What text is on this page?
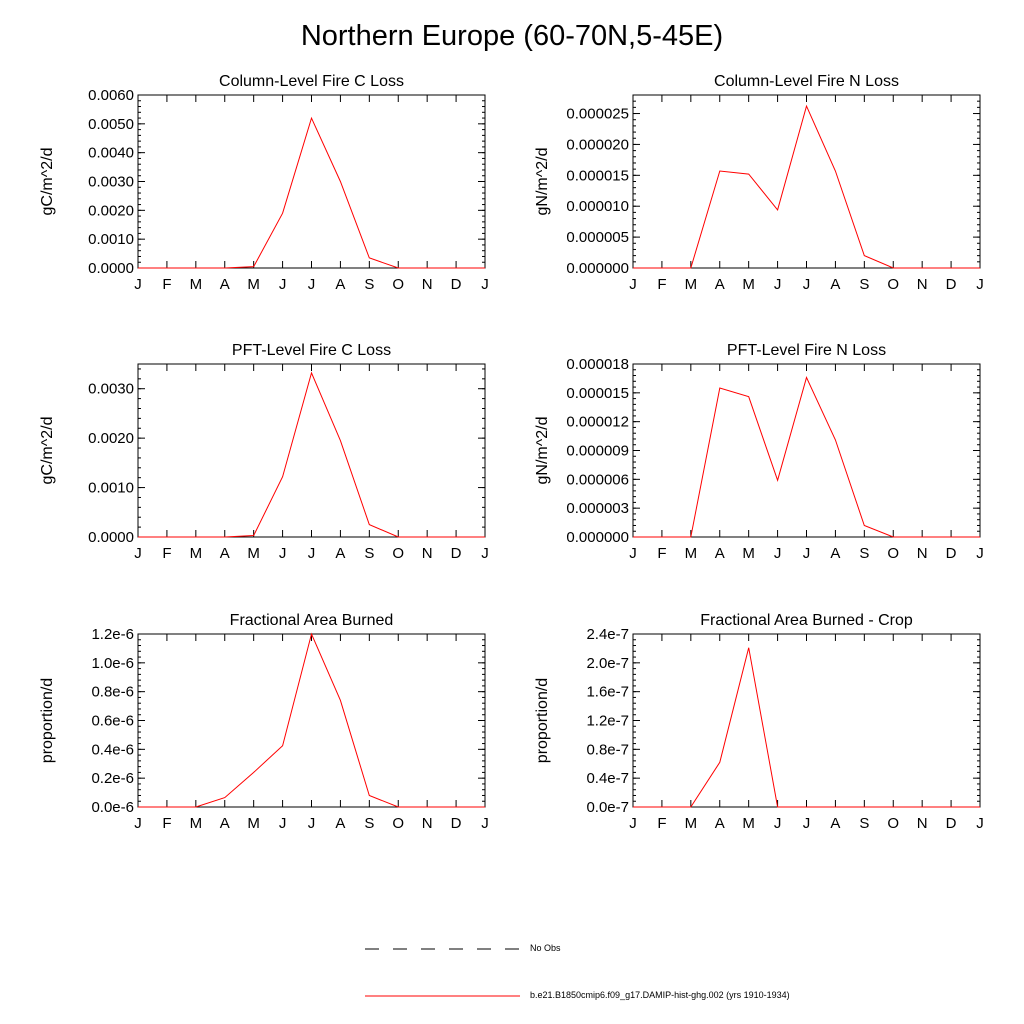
Northern Europe (60-70N,5-45E)
J F M A M J J A S O N D J
0.0000
0.0010
0.0020
0.0030
0.0040
0.0050
0.0060
Column-Level Fire C Loss
gC/m^2/d
J F M A M J J A S O N D J
0.000000
0.000005
0.000010
0.000015
0.000020
0.000025
Column-Level Fire N Loss
gN/m^2/d
J F M A M J J A S O N D J
0.0000
0.0010
0.0020
0.0030
PFT-Level Fire C Loss
gC/m^2/d
J F M A M J J A S O N D J
0.000000
0.000003
0.000006
0.000009
0.000012
0.000015
0.000018
PFT-Level Fire N Loss
gN/m^2/d
J F M A M J J A S O N D J
0.0e-6
0.2e-6
0.4e-6
0.6e-6
0.8e-6
1.0e-6
1.2e-6
Fractional Area Burned
proportion/d
J F M A M J J A S O N D J
0.0e-7
0.4e-7
0.8e-7
1.2e-7
1.6e-7
2.0e-7
2.4e-7
Fractional Area Burned - Crop
proportion/d
No Obs
b.e21.B1850cmip6.f09_g17.DAMIP-hist-ghg.002 (yrs 1910-1934)
